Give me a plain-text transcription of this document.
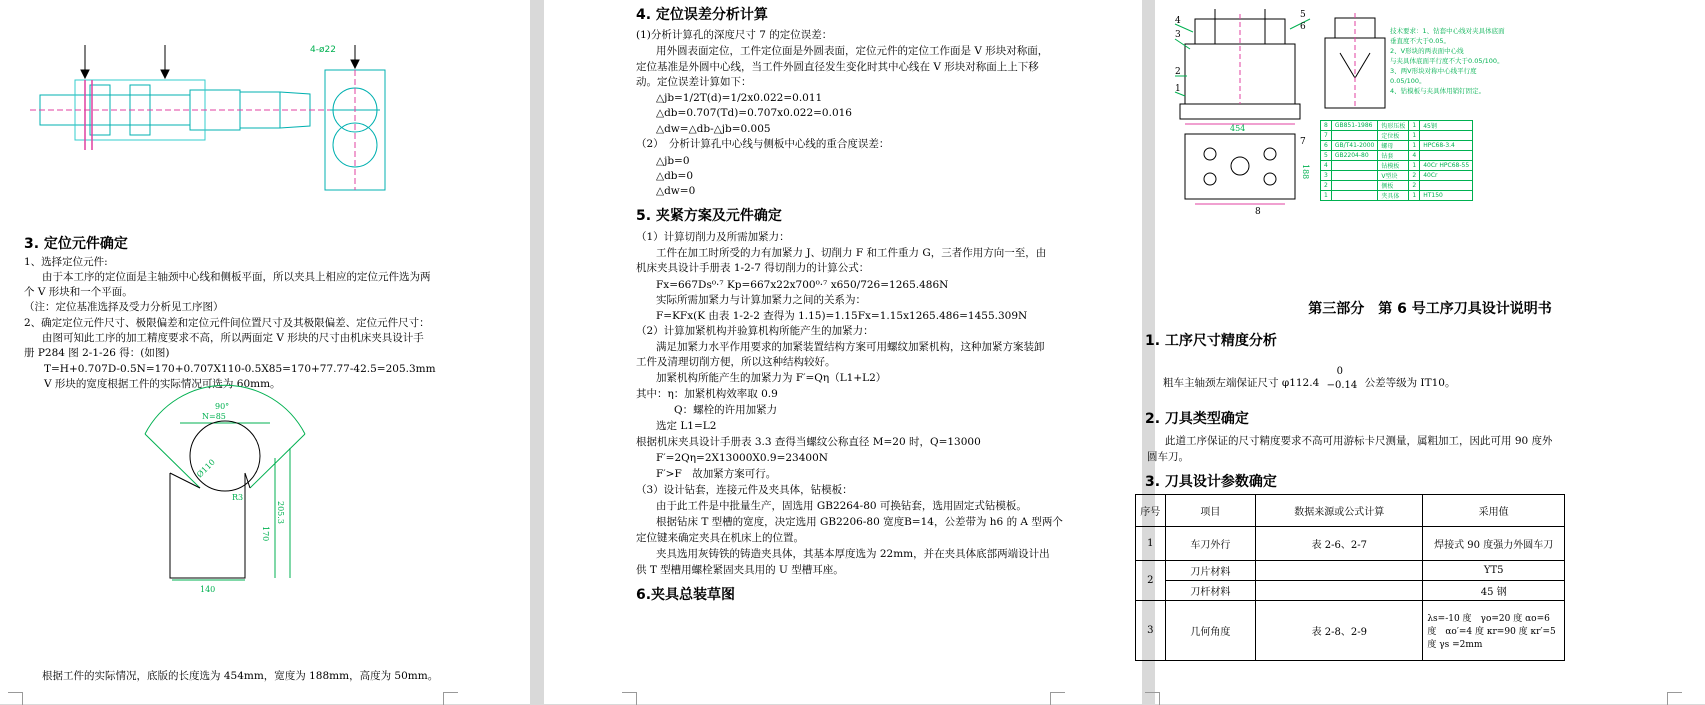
4-ø22
3. 定位元件确定
1、选择定位元件:
由于本工序的定位面是主轴颈中心线和侧板平面，所以夹具上相应的定位元件选为两
个 V 形块和一个平面。
（注：定位基准选择及受力分析见工序图）
2、确定定位元件尺寸、极限偏差和定位元件间位置尺寸及其极限偏差、定位元件尺寸：
由图可知此工序的加工精度要求不高，所以两面定 V 形块的尺寸由机床夹具设计手
册 P284 图 2-1-26 得：(如图)
T=H+0.707D-0.5N=170+0.707X110-0.5X85=170+77.77-42.5=205.3mm
V 形块的宽度根据工件的实际情况可选为 60mm。
90°
N=85
Ø110
R3
170
205.3
140
根据工件的实际情况，底版的长度选为 454mm，宽度为 188mm，高度为 50mm。
4. 定位误差分析计算
(1)分析计算孔的深度尺寸 7 的定位误差：
用外圆表面定位，工件定位面是外圆表面，定位元件的定位工作面是 V 形块对称面，
定位基准是外圆中心线，当工件外圆直径发生变化时其中心线在 V 形块对称面上上下移
动。定位误差计算如下：
△jb=1/2T(d)=1/2x0.022=0.011
△db=0.707(Td)=0.707x0.022=0.016
△dw=△db-△jb=0.005
（2）　分析计算孔中心线与侧板中心线的重合度误差：
△jb=0
△db=0
△dw=0
5. 夹紧方案及元件确定
（1）计算切削力及所需加紧力：
工件在加工时所受的力有加紧力 J、切削力 F 和工件重力 G，三者作用方向一至，由
机床夹具设计手册表 1-2-7 得切削力的计算公式：
Fx=667Ds⁰·⁷ Kp=667x22x700⁰·⁷ x650/726=1265.486N
实际所需加紧力与计算加紧力之间的关系为：
F=KFx(K 由表 1-2-2 查得为 1.15)=1.15Fx=1.15x1265.486=1455.309N
（2）计算加紧机构并验算机构所能产生的加紧力：
满足加紧力水平作用要求的加紧装置结构方案可用螺纹加紧机构，这种加紧方案装卸
工件及清理切削方便，所以这种结构较好。
加紧机构所能产生的加紧力为 F′=Qη（L1+L2）
其中：η：加紧机构效率取 0.9
Q：螺栓的许用加紧力
选定 L1=L2
根据机床夹具设计手册表 3.3 查得当螺纹公称直径 M=20 时，Q=13000
F′=2Qη=2X13000X0.9=23400N
F′>F　故加紧方案可行。
（3）设计钻套，连接元件及夹具体，钻模板：
由于此工件是中批量生产，固选用 GB2264-80 可换钻套，选用固定式钻模板。
根据钻床 T 型槽的宽度，决定选用 GB2206-80 宽度B=14，公差带为 h6 的 A 型两个
定位键来确定夹具在机床上的位置。
夹具选用灰铸铁的铸造夹具体，其基本厚度选为 22mm，并在夹具体底部两端设计出
供 T 型槽用螺栓紧固夹具用的 U 型槽耳座。
6.夹具总装草图
4
3
2
1
5
6
7
8
454
188
技术要求：1、钻套中心线对夹具体底面
垂直度不大于0.05。
2、V形块的两表面中心线
与夹具体底面平行度不大于0.05/100。
3、两V形块对称中心线平行度
0.05/100。
4、钻模板与夹具体用销钉固定。
8	GB851-1986	钩形压板	1	45钢
7		定位板	1	
6	GB/T41-2000	螺母	1	HPC68-3.4
5	GB2204-80	钻套	4	
4		钻模板	1	40Cr HPC68-55
3		V型块	2	40Cr
2		侧板	2	
1		夹具体	1	HT150
第三部分　第 6 号工序刀具设计说明书
1. 工序尺寸精度分析
粗车主轴颈左端保证尺寸 φ112.4
0
−0.14 公差等级为 IT10。
2. 刀具类型确定
此道工序保证的尺寸精度要求不高可用游标卡尺测量，属粗加工，因此可用 90 度外
圆车刀。
3. 刀具设计参数确定
序号	项目	数据来源或公式计算	采用值
1	车刀外行	表 2-6、2-7	焊接式 90 度强力外圆车刀
2	刀片材料		YT5
	刀杆材料		45 钢
3	几何角度	表 2-8、2-9	λs=-10 度　γo=20 度 αo=6 度　αo′=4 度 κr=90 度 κr′=5 度 γs =2mm
